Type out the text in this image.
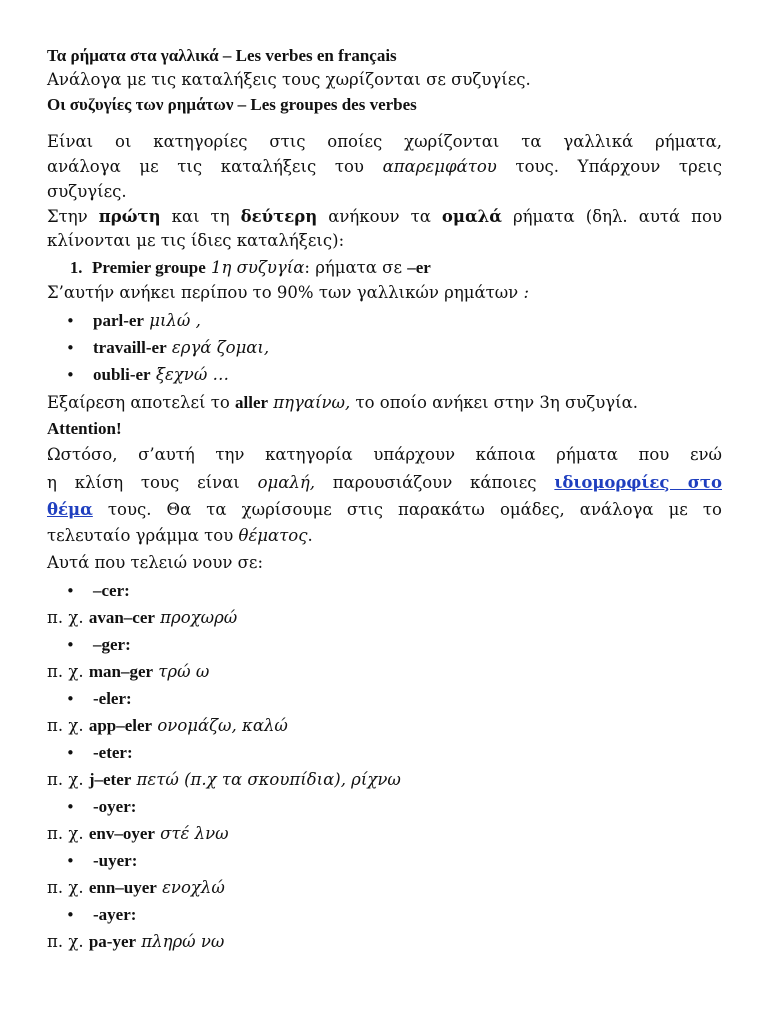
Τα ρήματα στα γαλλικά – Les verbes en français
Ανάλογα με τις καταλήξεις τους χωρίζονται σε συζυγίες.
Οι συζυγίες των ρημάτων – Les groupes des verbes
Είναι οι κατηγορίες στις οποίες χωρίζονται τα γαλλικά ρήματα,
ανάλογα με τις καταλήξεις του απαρεμφάτου τους. Υπάρχουν τρεις
συζυγίες.
Στην πρώτη και τη δεύτερη ανήκουν τα ομαλά ρήματα (δηλ. αυτά που
κλίνονται με τις ίδιες καταλήξεις):
1. Premier groupe 1η συζυγία: ρήματα σε –er
Σ’αυτήν ανήκει περίπου το 90% των γαλλικών ρημάτων :
• parl-er μιλώ ,
• travaill-er εργά ζομαι,
• oubli-er ξεχνώ …
Εξαίρεση αποτελεί το aller πηγαίνω, το οποίο ανήκει στην 3η συζυγία.
Attention!
Ωστόσο, σ’αυτή την κατηγορία υπάρχουν κάποια ρήματα που ενώ
η κλίση τους είναι ομαλή, παρουσιάζουν κάποιες ιδιομορφίες στο
θέμα τους. Θα τα χωρίσουμε στις παρακάτω ομάδες, ανάλογα με το
τελευταίο γράμμα του θέματος.
Αυτά που τελειώ νουν σε:
• –cer:
π. χ. avan–cer προχωρώ
• –ger:
π. χ. man–ger τρώ ω
• -eler:
π. χ. app–eler ονομάζω, καλώ
• -eter:
π. χ. j–eter πετώ (π.χ τα σκουπίδια), ρίχνω
• -oyer:
π. χ. env–oyer στέ λνω
• -uyer:
π. χ. enn–uyer ενοχλώ
• -ayer:
π. χ. pa-yer πληρώ νω
